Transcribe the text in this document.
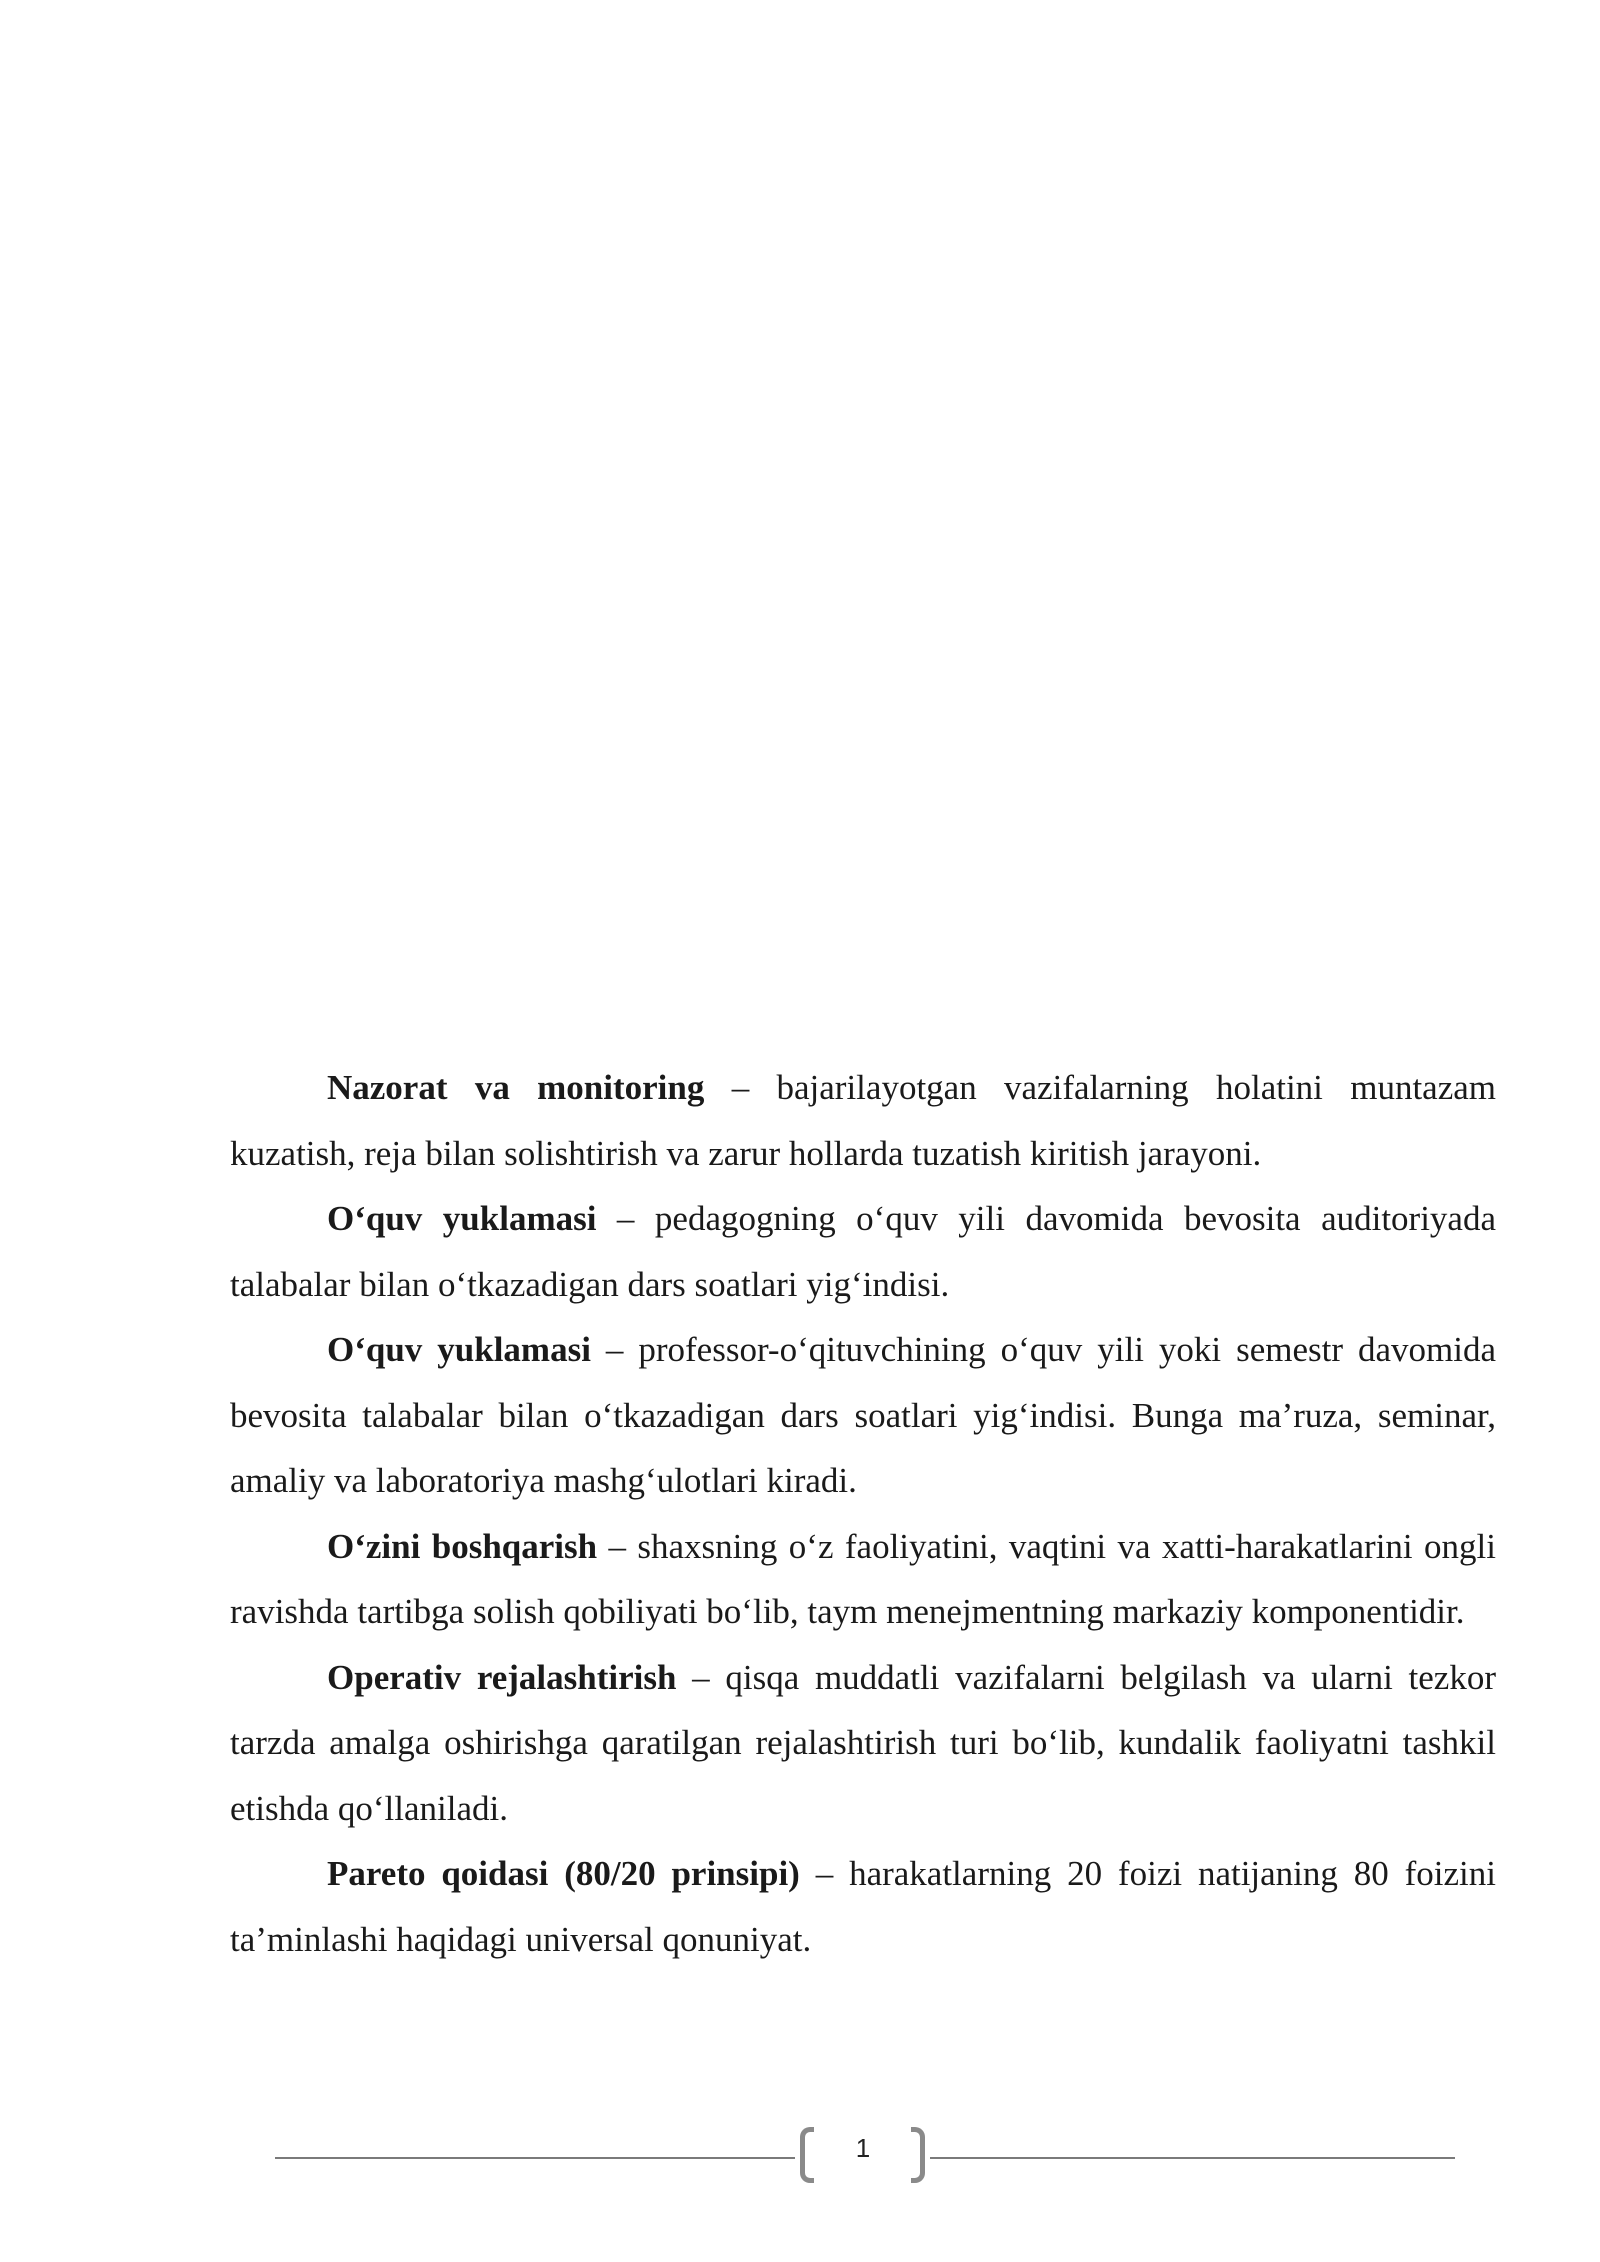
Nazorat va monitoring – bajarilayotgan vazifalarning holatini muntazam kuzatish, reja bilan solishtirish va zarur hollarda tuzatish kiritish jarayoni.

O‘quv yuklamasi – pedagogning o‘quv yili davomida bevosita auditoriyada talabalar bilan o‘tkazadigan dars soatlari yig‘indisi.

O‘quv yuklamasi – professor-o‘qituvchining o‘quv yili yoki semestr davomida bevosita talabalar bilan o‘tkazadigan dars soatlari yig‘indisi. Bunga ma’ruza, seminar, amaliy va laboratoriya mashg‘ulotlari kiradi.

O‘zini boshqarish – shaxsning o‘z faoliyatini, vaqtini va xatti-harakatlarini ongli ravishda tartibga solish qobiliyati bo‘lib, taym menejmentning markaziy komponentidir.

Operativ rejalashtirish – qisqa muddatli vazifalarni belgilash va ularni tezkor tarzda amalga oshirishga qaratilgan rejalashtirish turi bo‘lib, kundalik faoliyatni tashkil etishda qo‘llaniladi.

Pareto qoidasi (80/20 prinsipi) – harakatlarning 20 foizi natijaning 80 foizini ta’minlashi haqidagi universal qonuniyat.

1
